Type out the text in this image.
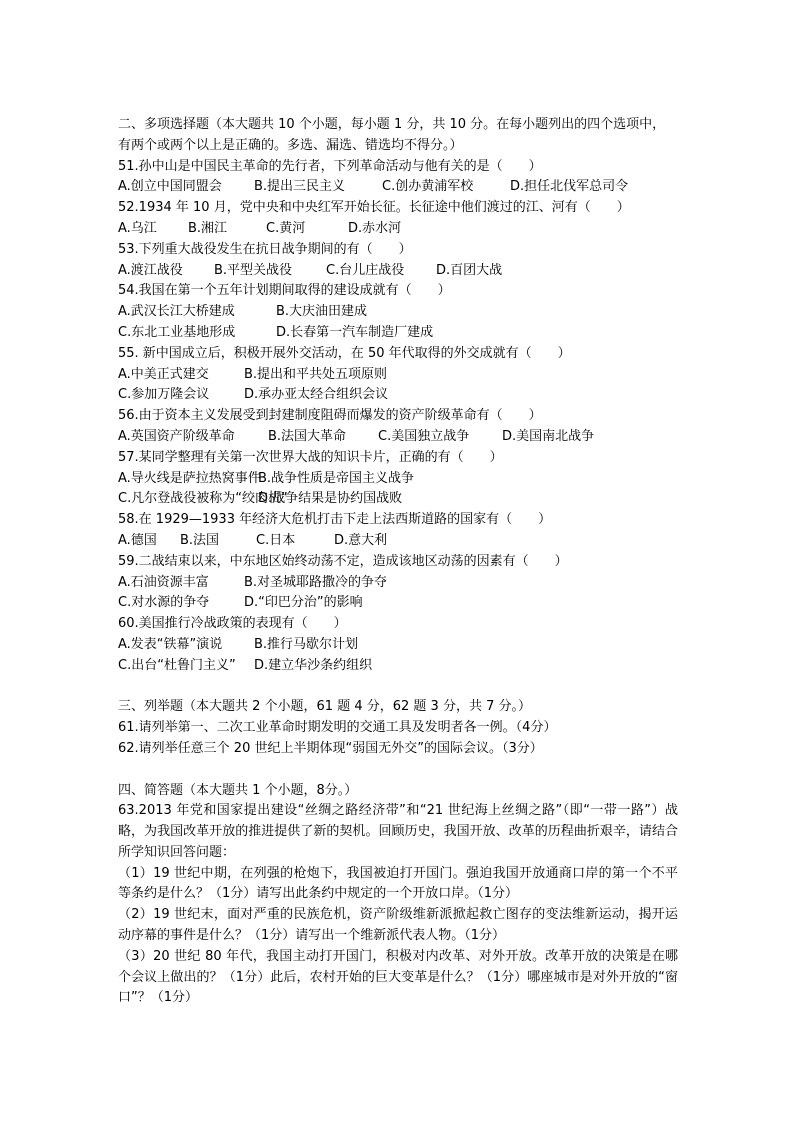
二、多项选择题（本大题共 10 个小题，每小题 1 分，共 10 分。在每小题列出的四个选项中，有两个或两个以上是正确的。多选、漏选、错选均不得分。）
51.孙中山是中国民主革命的先行者，下列革命活动与他有关的是（　　）
A.创立中国同盟会	B.提出三民主义	C.创办黄浦军校	D.担任北伐军总司令
52.1934 年 10 月，党中央和中央红军开始长征。长征途中他们渡过的江、河有（　　）
A.乌江	B.湘江	C.黄河	D.赤水河
53.下列重大战役发生在抗日战争期间的有（　　）
A.渡江战役	B.平型关战役	C.台儿庄战役	D.百团大战
54.我国在第一个五年计划期间取得的建设成就有（　　）
A.武汉长江大桥建成	B.大庆油田建成
C.东北工业基地形成	D.长春第一汽车制造厂建成
55. 新中国成立后，积极开展外交活动，在 50 年代取得的外交成就有（　　）
A.中美正式建交	B.提出和平共处五项原则
C.参加万隆会议	D.承办亚太经合组织会议
56.由于资本主义发展受到封建制度阻碍而爆发的资产阶级革命有（　　）
A.英国资产阶级革命	B.法国大革命	C.美国独立战争	D.美国南北战争
57.某同学整理有关第一次世界大战的知识卡片，正确的有（　　）
A.导火线是萨拉热窝事件
B.战争性质是帝国主义战争
C.凡尔登战役被称为“绞肉机”
D.战争结果是协约国战败
58.在 1929—1933 年经济大危机打击下走上法西斯道路的国家有（　　）
A.德国	B.法国	C.日本	D.意大利
59.二战结束以来，中东地区始终动荡不定，造成该地区动荡的因素有（　　）
A.石油资源丰富	B.对圣城耶路撒冷的争夺
C.对水源的争夺	D.“印巴分治”的影响
60.美国推行冷战政策的表现有（　　）
A.发表“铁幕”演说	B.推行马歇尔计划
C.出台“杜鲁门主义”	D.建立华沙条约组织
三、列举题（本大题共 2 个小题，61 题 4 分，62 题 3 分，共 7 分。）
61.请列举第一、二次工业革命时期发明的交通工具及发明者各一例。（4分）
62.请列举任意三个 20 世纪上半期体现“弱国无外交”的国际会议。（3分）
四、简答题（本大题共 1 个小题，8分。）
63.2013 年党和国家提出建设“丝绸之路经济带”和“21 世纪海上丝绸之路”（即“一带一路”）战略，为我国改革开放的推进提供了新的契机。回顾历史，我国开放、改革的历程曲折艰辛，请结合所学知识回答问题：
（1）19 世纪中期，在列强的枪炮下，我国被迫打开国门。强迫我国开放通商口岸的第一个不平等条约是什么？（1分）请写出此条约中规定的一个开放口岸。（1分）
（2）19 世纪末，面对严重的民族危机，资产阶级维新派掀起救亡图存的变法维新运动，揭开运动序幕的事件是什么？（1分）请写出一个维新派代表人物。（1分）
（3）20 世纪 80 年代，我国主动打开国门，积极对内改革、对外开放。改革开放的决策是在哪个会议上做出的？（1分）此后，农村开始的巨大变革是什么？（1分）哪座城市是对外开放的“窗口”？（1分）
